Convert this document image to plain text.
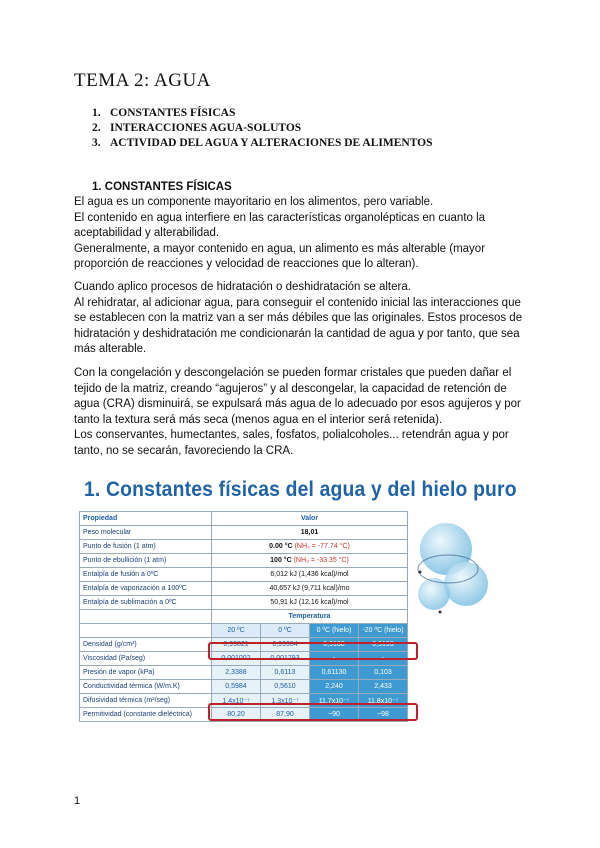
TEMA 2: AGUA
1. CONSTANTES FÍSICAS
2. INTERACCIONES AGUA-SOLUTOS
3. ACTIVIDAD DEL AGUA Y ALTERACIONES DE ALIMENTOS
1. CONSTANTES FÍSICAS

El agua es un componente mayoritario en los alimentos, pero variable.

El contenido en agua interfiere en las características organolépticas en cuanto la aceptabilidad y alterabilidad.

Generalmente, a mayor contenido en agua, un alimento es más alterable (mayor proporción de reacciones y velocidad de reacciones que lo alteran).

Cuando aplico procesos de hidratación o deshidratación se altera.

Al rehidratar, al adicionar agua, para conseguir el contenido inicial las interacciones que se establecen con la matriz van a ser más débiles que las originales. Estos procesos de hidratación y deshidratación me condicionarán la cantidad de agua y por tanto, que sea más alterable.

Con la congelación y descongelación se pueden formar cristales que pueden dañar el tejido de la matriz, creando “agujeros” y al descongelar, la capacidad de retención de agua (CRA) disminuirá, se expulsará más agua de lo adecuado por esos agujeros y por tanto la textura será más seca (menos agua en el interior será retenida).

Los conservantes, humectantes, sales, fosfatos, polialcoholes... retendrán agua y por tanto, no se secarán, favoreciendo la CRA.

1. Constantes físicas del agua y del hielo puro
Propiedad	Valor			
Peso molecular	18,01			
Punto de fusión (1 atm)	0.00 °C (NH₃ = -77.74 °C)			
Punto de ebullición (1 atm)	100 °C (NH₃ = -33.35 °C)			
Entalpía de fusión a 0ºC	6,012 kJ (1,436 kcal)/mol			
Entalpía de vaporización a 100ºC	40,657 kJ (9,711 kcal)/mo			
Entalpía de sublimación a 0ºC	50,91 kJ (12,16 kcal)/mol			
	Temperatura			
	20 ºC	0 ºC	0 ºC (hielo)	-20 ºC (hielo)
Densidad (g/cm³)	0,99821	0,99984	0,9168	0,9193
Viscosidad (Pa/seg)	0,001002	0,001793	-	-
Presión de vapor (kPa)	2,3388	0,6113	0,61130	0,103
Conductividad térmica (W/m.K)	0,5984	0,5610	2,240	2,433
Difusividad térmica (m²/seg)	1,4x10⁻⁷	1,3x10⁻⁷	11,7x10⁻⁷	11,8x10⁻⁷
Permitividad (constante dieléctrica)	80,20	87,90	~90	~98
1
